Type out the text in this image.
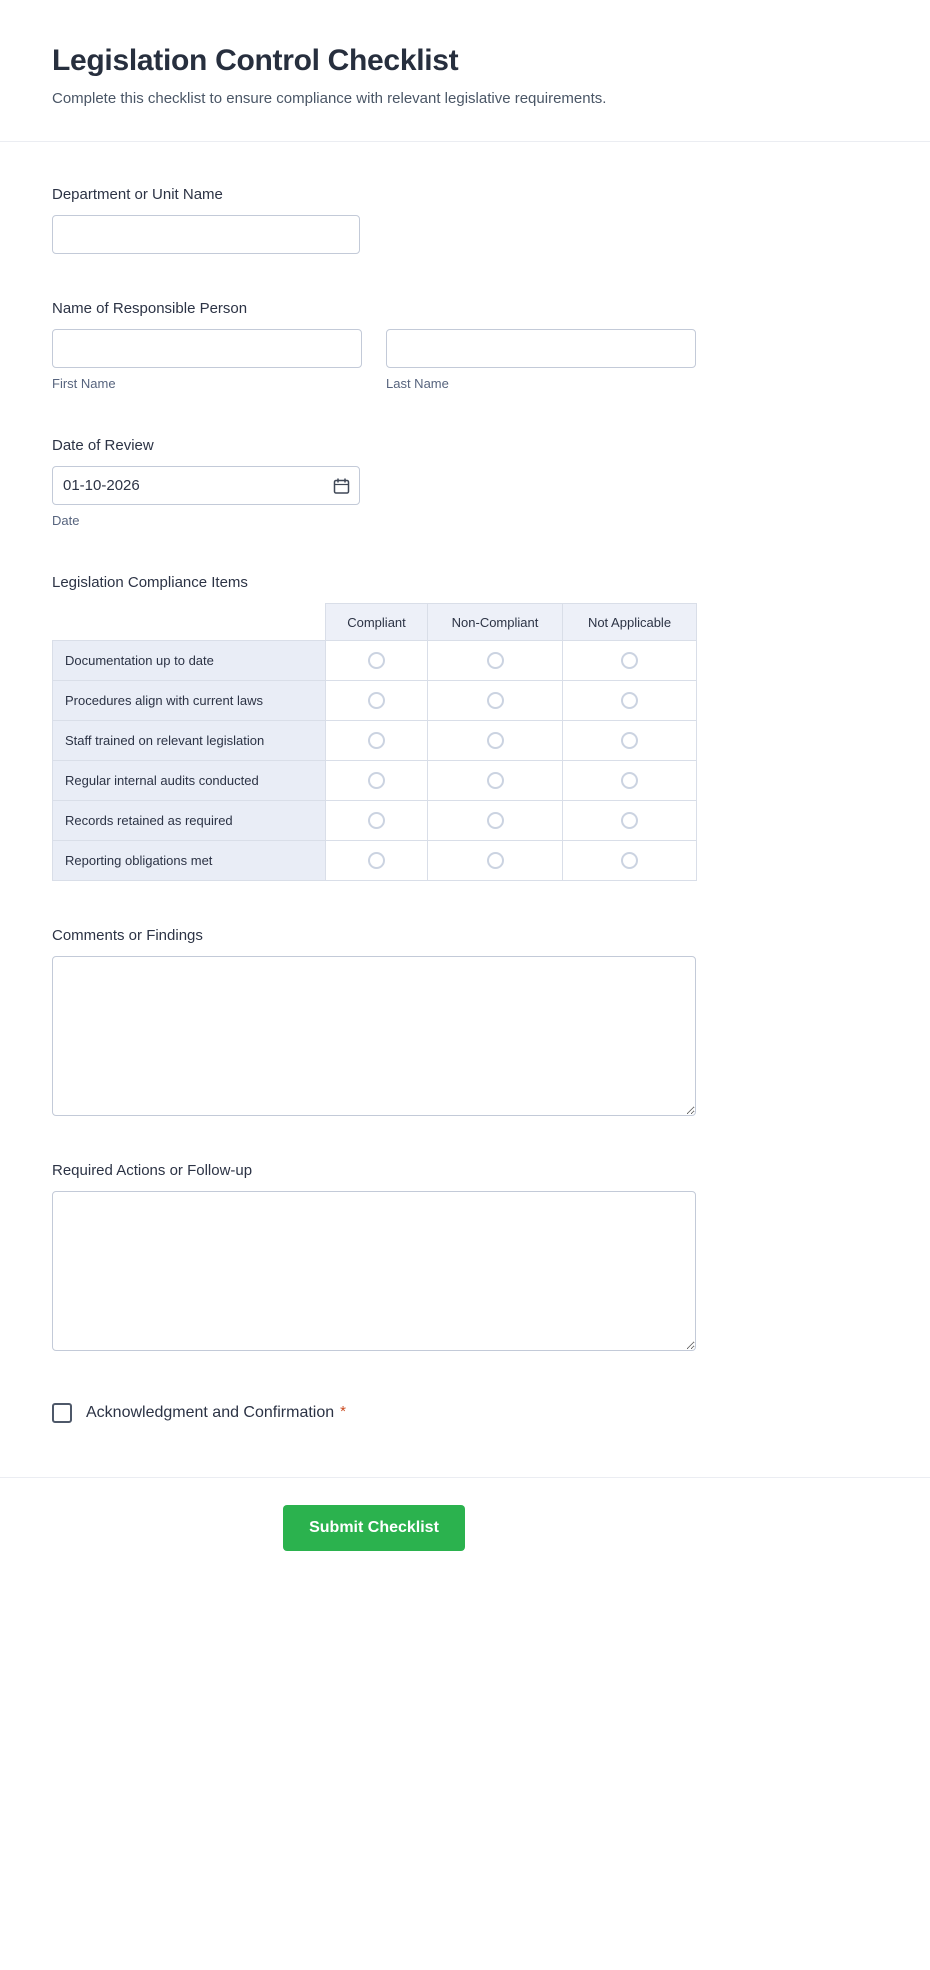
Legislation Control Checklist

Complete this checklist to ensure compliance with relevant legislative requirements.

Department or Unit Name
Name of Responsible Person
First Name	Last Name
Date of Review
01-10-2026
Date
Legislation Compliance Items
	Compliant	Non-Compliant	Not Applicable
Documentation up to date			
Procedures align with current laws			
Staff trained on relevant legislation			
Regular internal audits conducted			
Records retained as required			
Reporting obligations met			
Comments or Findings
Required Actions or Follow-up
Acknowledgment and Confirmation *
Submit Checklist
